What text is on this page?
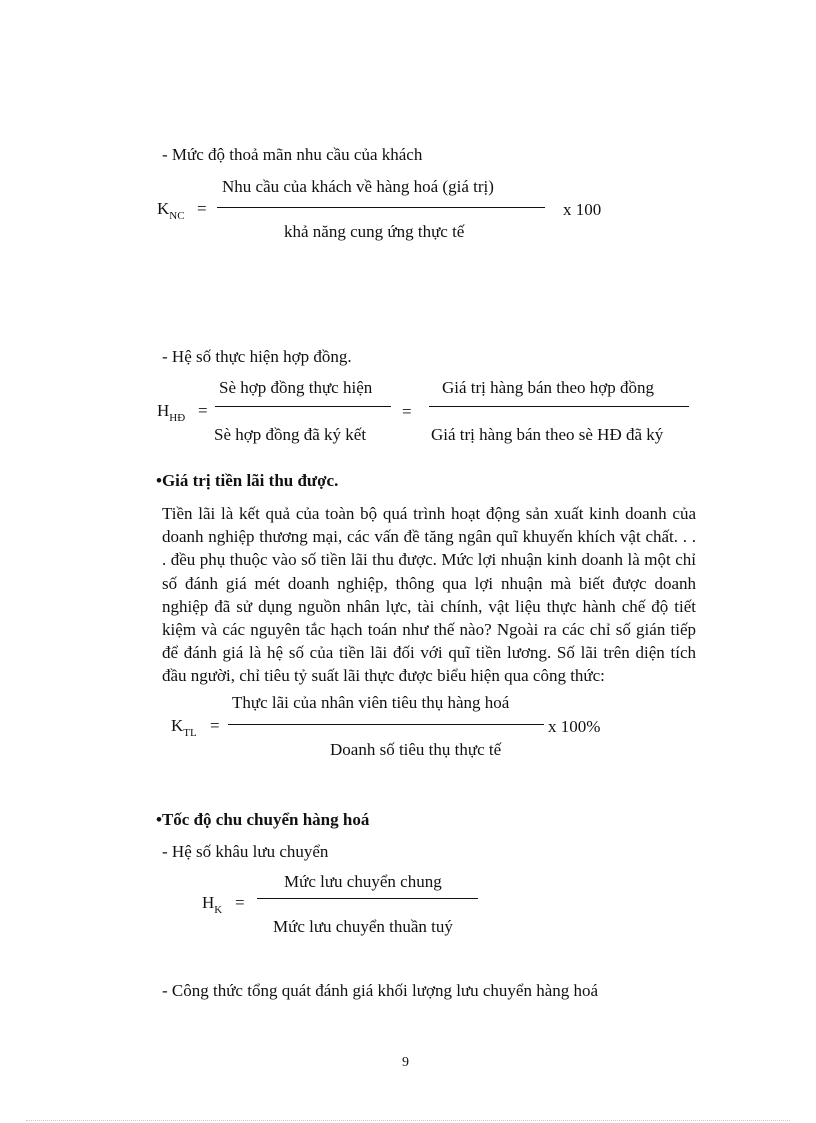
- Mức độ thoả mãn nhu cầu của khách
$K_{NC}$ =
Nhu cầu của khách về hàng hoá (giá trị)
khả năng cung ứng thực tế
x 100
- Hệ số thực hiện hợp đồng.
$H_{HĐ}$ =
Sè hợp đồng thực hiện
Sè hợp đồng đã ký kết
=
Giá trị hàng bán theo hợp đồng
Giá trị hàng bán theo sè HĐ đã ký
•Giá trị tiền lãi thu được.
Tiền lãi là kết quả của toàn bộ quá trình hoạt động sản xuất kinh doanh của doanh nghiệp thương mại, các vấn đề tăng ngân quĩ khuyến khích vật chất. . . . đều phụ thuộc vào số tiền lãi thu được. Mức lợi nhuận kinh doanh là một chỉ số đánh giá mét doanh nghiệp, thông qua lợi nhuận mà biết được doanh nghiệp đã sử dụng nguồn nhân lực, tài chính, vật liệu thực hành chế độ tiết kiệm và các nguyên tắc hạch toán như thế nào? Ngoài ra các chỉ số gián tiếp để đánh giá là hệ số của tiền lãi đối với quĩ tiền lương. Số lãi trên diện tích đầu người, chỉ tiêu tỷ suất lãi thực được biểu hiện qua công thức:
$K_{TL}$ =
Thực lãi của nhân viên tiêu thụ hàng hoá
Doanh số tiêu thụ thực tế
x 100%
•Tốc độ chu chuyển hàng hoá
- Hệ số khâu lưu chuyển
$H_K$ =
Mức lưu chuyển chung
Mức lưu chuyển thuần tuý
- Công thức tổng quát đánh giá khối lượng lưu chuyển hàng hoá
9
